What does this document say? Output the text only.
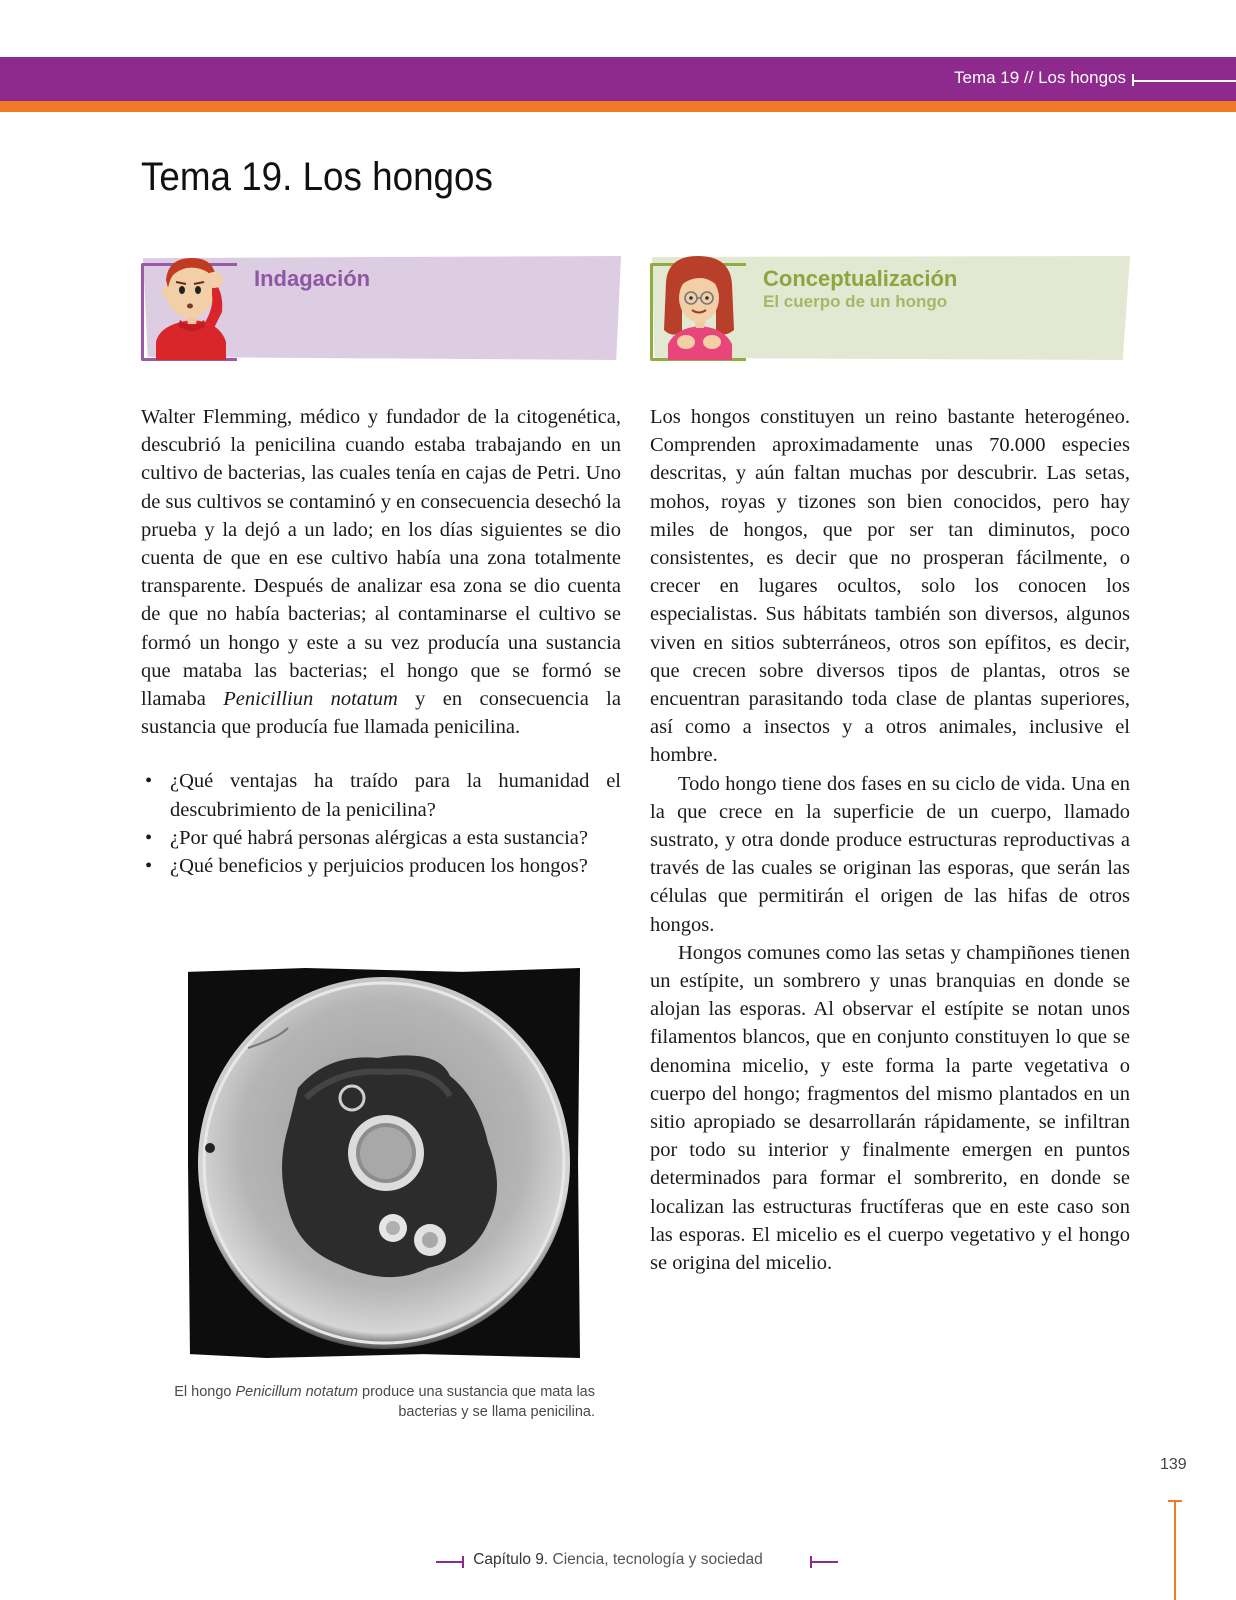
Tema 19 // Los hongos
Tema 19. Los hongos
Indagación	Conceptualización
El cuerpo de un hongo

Walter Flemming, médico y fundador de la citogenética, descubrió la penicilina cuando estaba trabajando en un cultivo de bacterias, las cuales tenía en cajas de Petri. Uno de sus cultivos se contaminó y en consecuencia desechó la prueba y la dejó a un lado; en los días siguientes se dio cuenta de que en ese cultivo había una zona totalmente transparente. Después de analizar esa zona se dio cuenta de que no había bacterias; al contaminarse el cultivo se formó un hongo y este a su vez producía una sustancia que mataba las bacterias; el hongo que se formó se llamaba Penicilliun notatum y en consecuencia la sustancia que producía fue llamada penicilina.

• ¿Qué ventajas ha traído para la humanidad el descubrimiento de la penicilina?
• ¿Por qué habrá personas alérgicas a esta sustancia?
• ¿Qué beneficios y perjuicios producen los hongos?
El hongo Penicillum notatum produce una sustancia que mata las bacterias y se llama penicilina.

Los hongos constituyen un reino bastante heterogéneo. Comprenden aproximadamente unas 70.000 especies descritas, y aún faltan muchas por descubrir. Las setas, mohos, royas y tizones son bien conocidos, pero hay miles de hongos, que por ser tan diminutos, poco consistentes, es decir que no prosperan fácilmente, o crecer en lugares ocultos, solo los conocen los especialistas. Sus hábitats también son diversos, algunos viven en sitios subterráneos, otros son epífitos, es decir, que crecen sobre diversos tipos de plantas, otros se encuentran parasitando toda clase de plantas superiores, así como a insectos y a otros animales, inclusive el hombre.

Todo hongo tiene dos fases en su ciclo de vida. Una en la que crece en la superficie de un cuerpo, llamado sustrato, y otra donde produce estructuras reproductivas a través de las cuales se originan las esporas, que serán las células que permitirán el origen de las hifas de otros hongos.

Hongos comunes como las setas y champiñones tienen un estípite, un sombrero y unas branquias en donde se alojan las esporas. Al observar el estípite se notan unos filamentos blancos, que en conjunto constituyen lo que se denomina micelio, y este forma la parte vegetativa o cuerpo del hongo; fragmentos del mismo plantados en un sitio apropiado se desarrollarán rápidamente, se infiltran por todo su interior y finalmente emergen en puntos determinados para formar el sombrerito, en donde se localizan las estructuras fructíferas que en este caso son las esporas. El micelio es el cuerpo vegetativo y el hongo se origina del micelio.

139
Capítulo 9. Ciencia, tecnología y sociedad
